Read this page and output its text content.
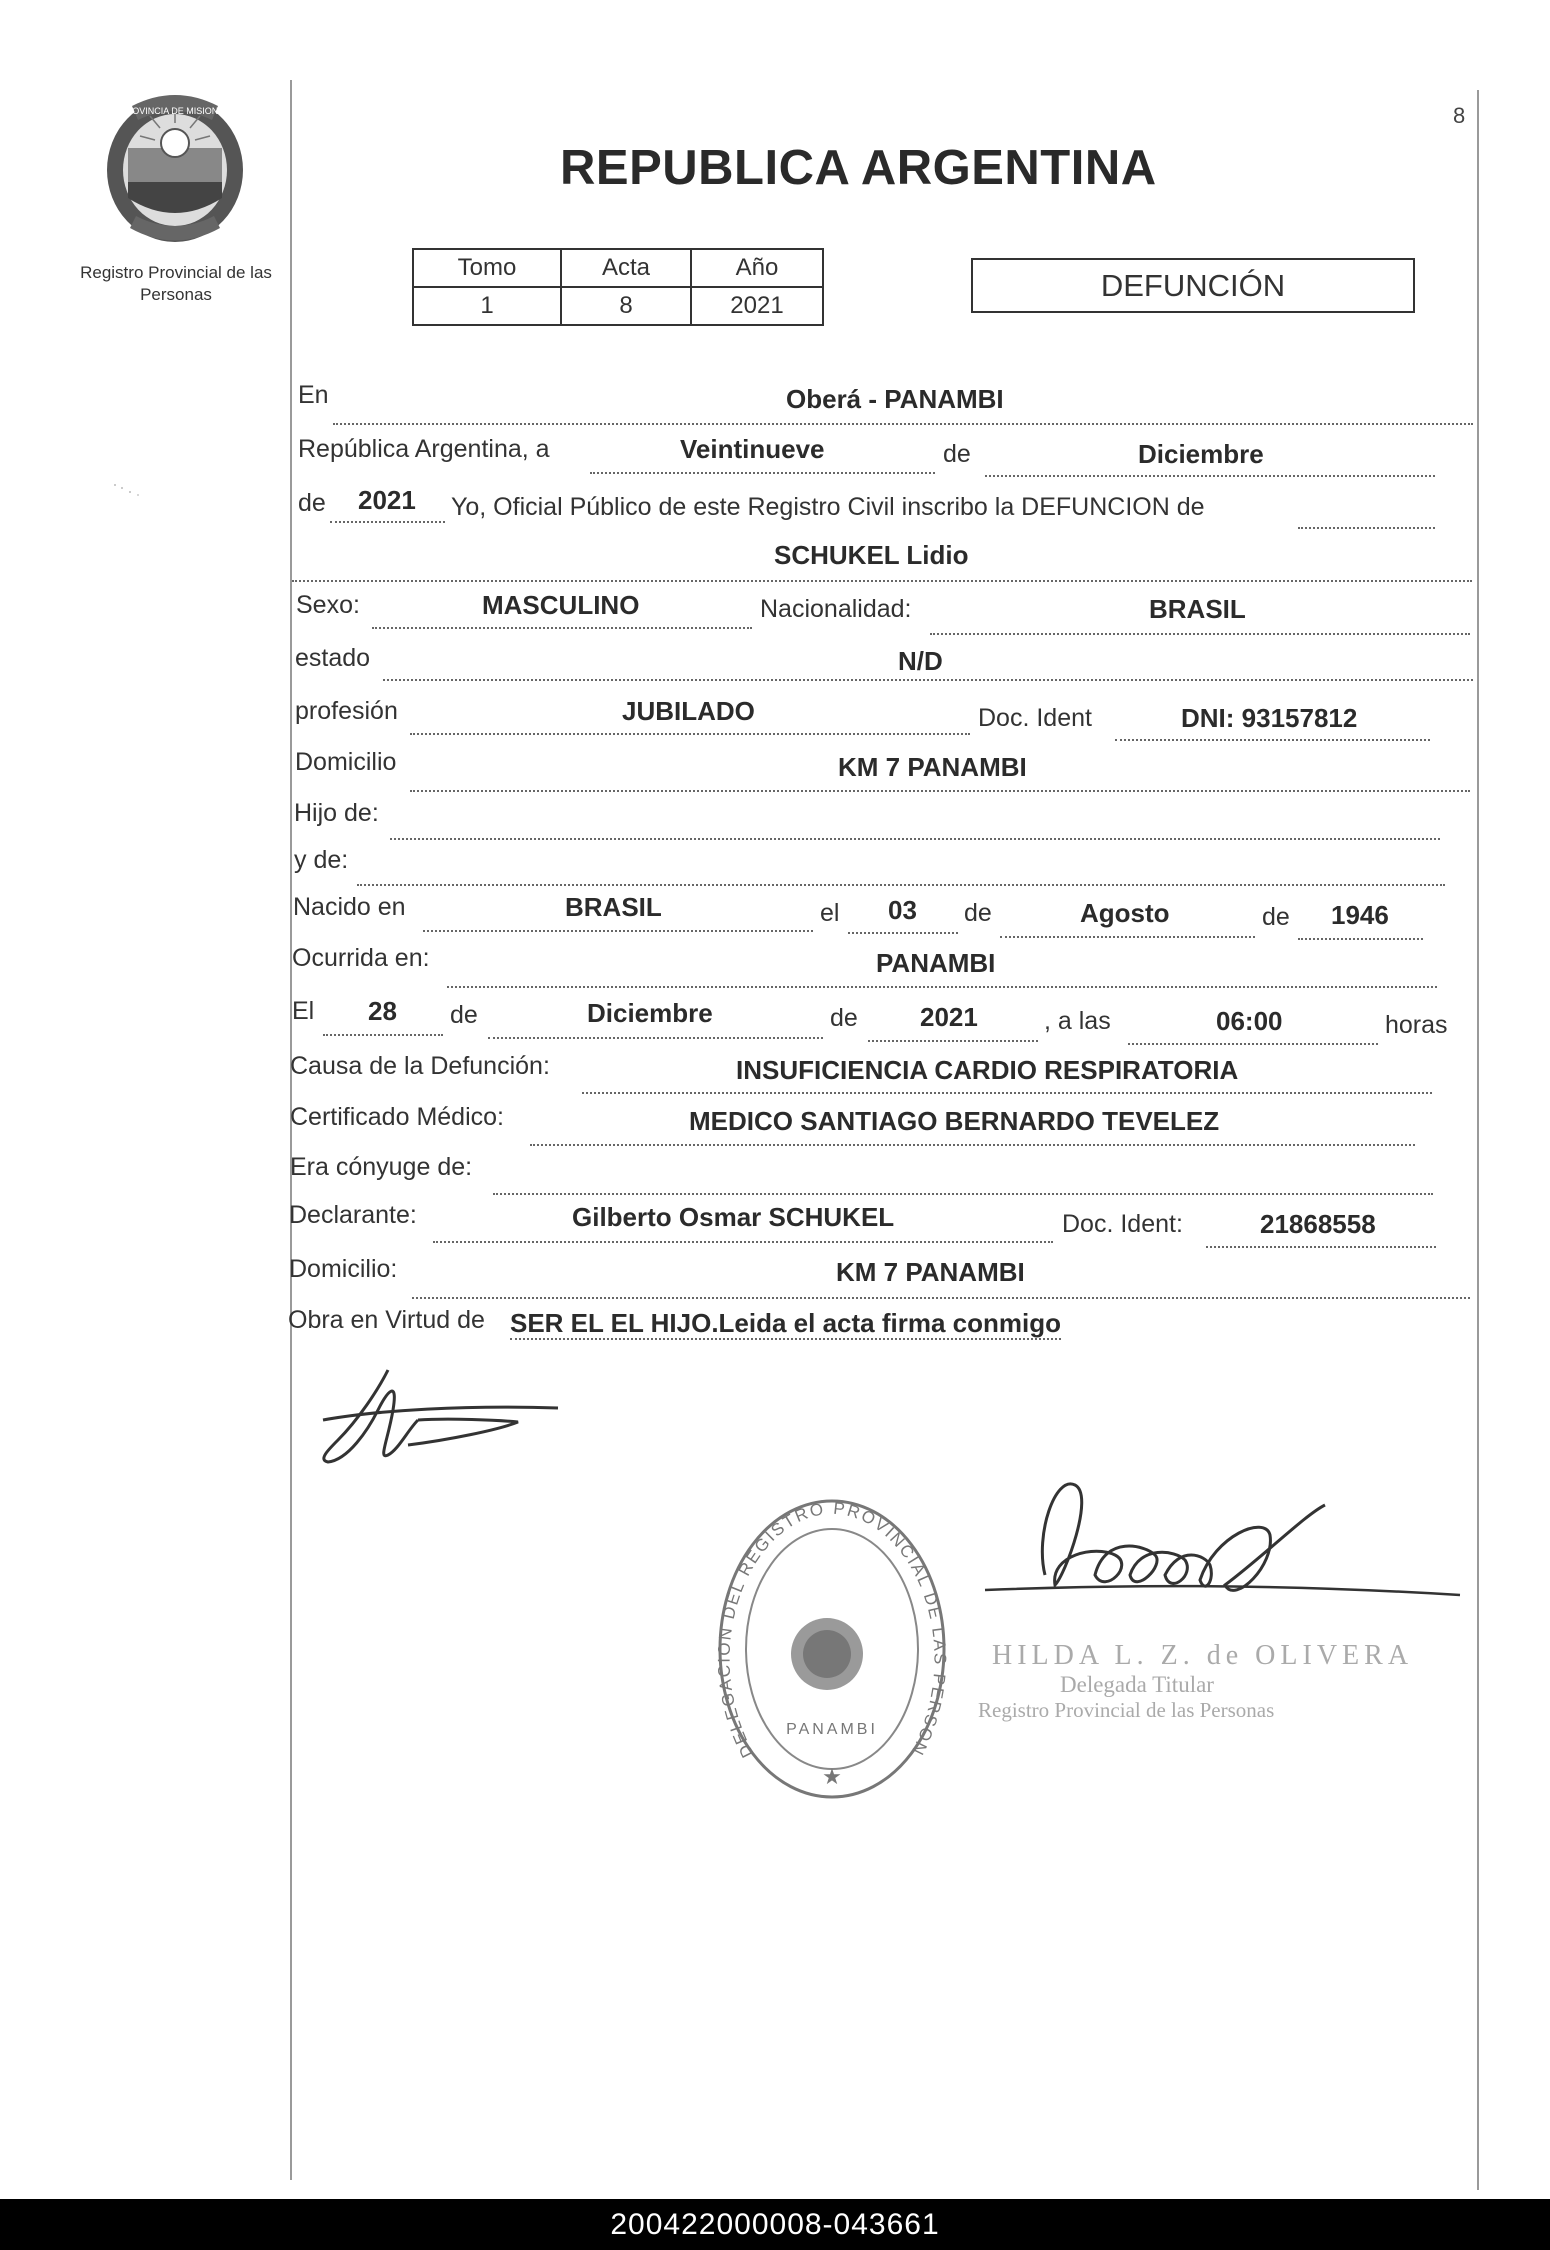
PROVINCIA DE MISIONES
Registro Provincial de las Personas
8
REPUBLICA ARGENTINA
Tomo	Acta	Año
1	8	2021
DEFUNCIÓN
En	Oberá - PANAMBI
República Argentina, a	Veintinueve	de	Diciembre
de 2021 Yo, Oficial Público de este Registro Civil inscribo la DEFUNCION de
SCHUKEL Lidio
Sexo:	MASCULINO	Nacionalidad:	BRASIL
estado	N/D
profesión	JUBILADO	Doc. Ident	DNI: 93157812
Domicilio	KM 7 PANAMBI
Hijo de:
y de:
Nacido en	BRASIL	el 03 de	Agosto	de 1946
Ocurrida en:	PANAMBI
El 28 de	Diciembre	de 2021	, a las	06:00	horas
Causa de la Defunción:	INSUFICIENCIA CARDIO RESPIRATORIA
Certificado Médico:	MEDICO SANTIAGO BERNARDO TEVELEZ
Era cónyuge de:
Declarante:	Gilberto Osmar SCHUKEL	Doc. Ident:	21868558
Domicilio:	KM 7 PANAMBI
Obra en Virtud de SER EL EL HIJO.Leida el acta firma conmigo
DELEGACION DEL REGISTRO PROVINCIAL DE LAS PERSON
PANAMBI
★
HILDA L. Z. de OLIVERA
Delegada Titular
Registro Provincial de las Personas
200422000008-043661
